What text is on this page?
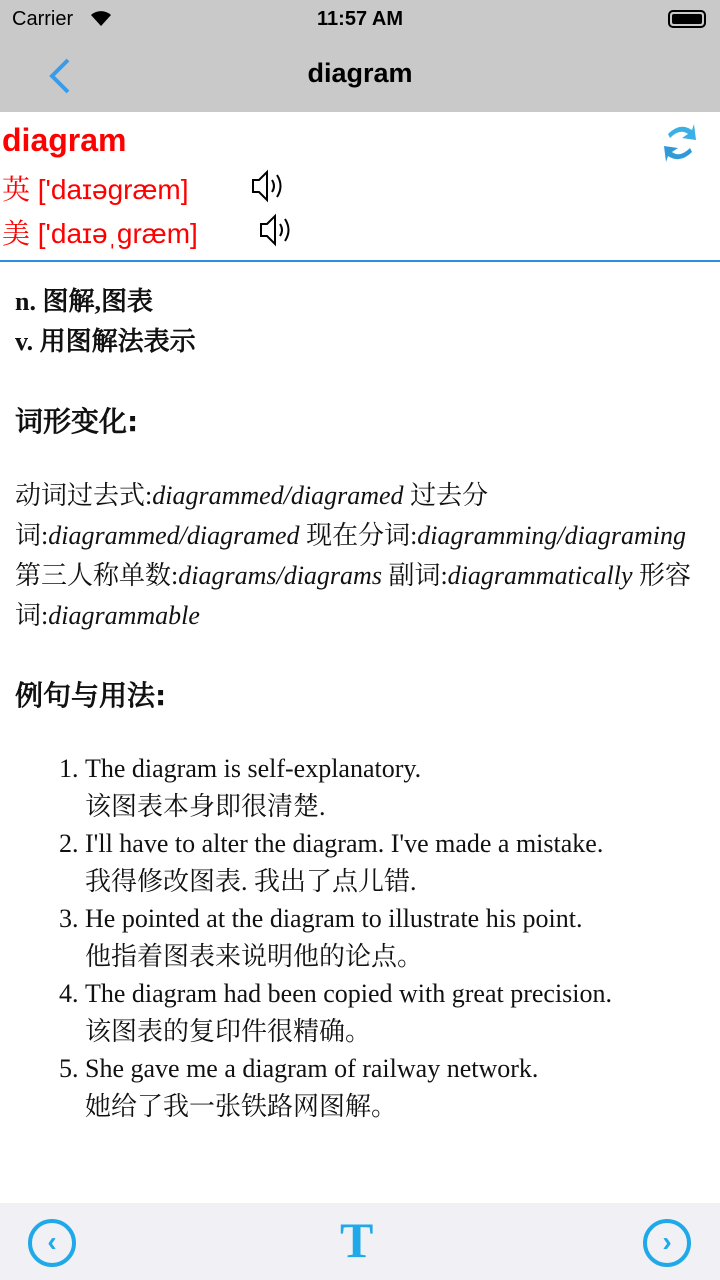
Carrier	11:57 AM
diagram
diagram
英 ['daɪəgræm]
美 ['daɪəˌgræm]
n. 图解,图表
v. 用图解法表示
词形变化:
动词过去式:diagrammed/diagramed 过去分词:diagrammed/diagramed 现在分词:diagramming/diagraming 第三人称单数:diagrams/diagrams 副词:diagrammatically 形容词:diagrammable
例句与用法:
1. The diagram is self-explanatory.
该图表本身即很清楚.
2. I'll have to alter the diagram. I've made a mistake.
我得修改图表. 我出了点儿错.
3. He pointed at the diagram to illustrate his point.
他指着图表来说明他的论点。
4. The diagram had been copied with great precision.
该图表的复印件很精确。
5. She gave me a diagram of railway network.
她给了我一张铁路网图解。
‹	T	›
